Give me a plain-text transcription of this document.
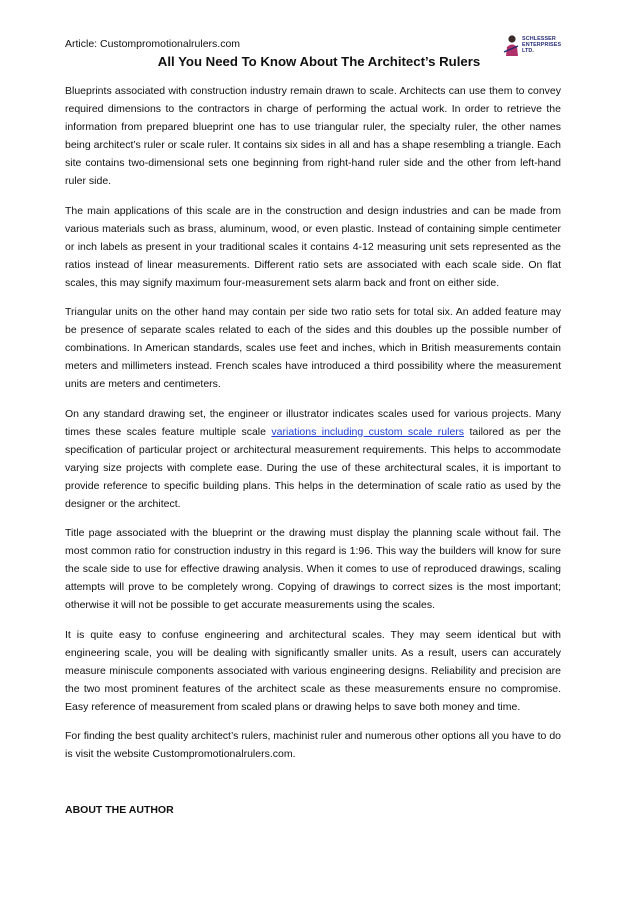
Article: Custompromotionalrulers.com	SCHLESSER
ENTERPRISES
LTD.
All You Need To Know About The Architect’s Rulers

Blueprints associated with construction industry remain drawn to scale. Architects can use them to convey required dimensions to the contractors in charge of performing the actual work. In order to retrieve the information from prepared blueprint one has to use triangular ruler, the specialty ruler, the other names being architect’s ruler or scale ruler. It contains six sides in all and has a shape resembling a triangle. Each site contains two-dimensional sets one beginning from right-hand ruler side and the other from left-hand ruler side.

The main applications of this scale are in the construction and design industries and can be made from various materials such as brass, aluminum, wood, or even plastic. Instead of containing simple centimeter or inch labels as present in your traditional scales it contains 4-12 measuring unit sets represented as the ratios instead of linear measurements. Different ratio sets are associated with each scale side. On flat scales, this may signify maximum four-measurement sets alarm back and front on either side.

Triangular units on the other hand may contain per side two ratio sets for total six. An added feature may be presence of separate scales related to each of the sides and this doubles up the possible number of combinations. In American standards, scales use feet and inches, which in British measurements contain meters and millimeters instead. French scales have introduced a third possibility where the measurement units are meters and centimeters.

On any standard drawing set, the engineer or illustrator indicates scales used for various projects. Many times these scales feature multiple scale variations including custom scale rulers tailored as per the specification of particular project or architectural measurement requirements. This helps to accommodate varying size projects with complete ease. During the use of these architectural scales, it is important to provide reference to specific building plans. This helps in the determination of scale ratio as used by the designer or the architect.

Title page associated with the blueprint or the drawing must display the planning scale without fail. The most common ratio for construction industry in this regard is 1:96. This way the builders will know for sure the scale side to use for effective drawing analysis. When it comes to use of reproduced drawings, scaling attempts will prove to be completely wrong. Copying of drawings to correct sizes is the most important; otherwise it will not be possible to get accurate measurements using the scales.

It is quite easy to confuse engineering and architectural scales. They may seem identical but with engineering scale, you will be dealing with significantly smaller units. As a result, users can accurately measure miniscule components associated with various engineering designs. Reliability and precision are the two most prominent features of the architect scale as these measurements ensure no compromise. Easy reference of measurement from scaled plans or drawing helps to save both money and time.

For finding the best quality architect’s rulers, machinist ruler and numerous other options all you have to do is visit the website Custompromotionalrulers.com.

ABOUT THE AUTHOR
